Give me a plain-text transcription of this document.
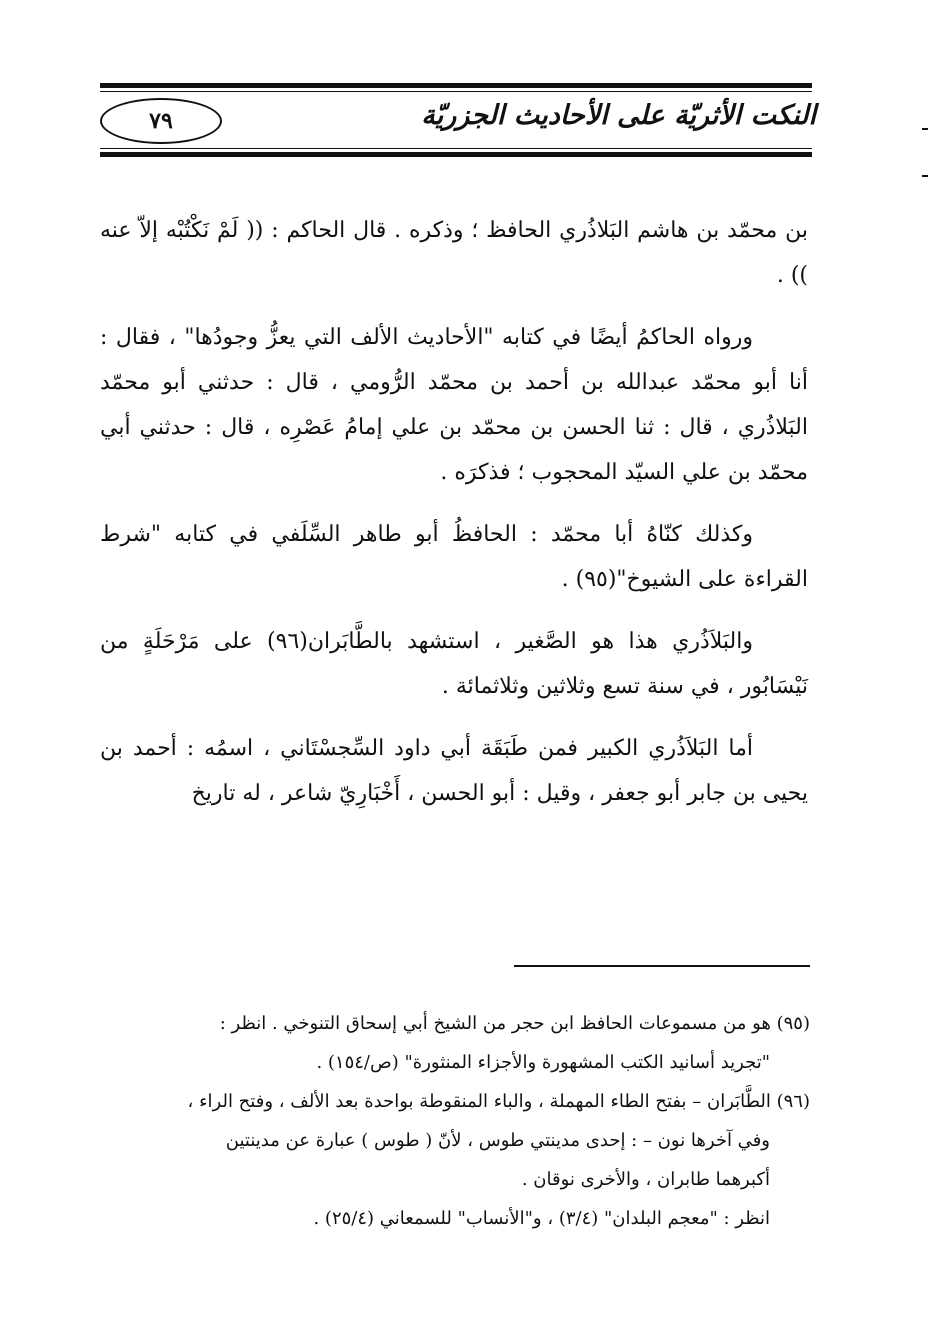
النكت الأثريّة على الأحاديث الجزريّة
٧٩

بن محمّد بن هاشم البَلاذُري الحافظ ؛ وذكره . قال الحاكم : (( لَمْ نَكْتُبْه إلاّ عنه )) .

ورواه الحاكمُ أيضًا في كتابه "الأحاديث الألف التي يعزُّ وجودُها" ، فقال : أنا أبو محمّد عبدالله بن أحمد بن محمّد الرُّومي ، قال : حدثني أبو محمّد البَلاذُري ، قال : ثنا الحسن بن محمّد بن علي إمامُ عَصْرِه ، قال : حدثني أبي محمّد بن علي السيّد المحجوب ؛ فذكرَه .

وكذلك كنّاهُ أبا محمّد : الحافظُ أبو طاهر السِّلَفي في كتابه "شرط القراءة على الشيوخ"(٩٥) .

والبَلاَذُري هذا هو الصَّغير ، استشهد بالطَّابَران(٩٦) على مَرْحَلَةٍ من نَيْسَابُور ، في سنة تسع وثلاثين وثلاثمائة .

أما البَلاَذُري الكبير فمن طَبَقَة أبي داود السِّجسْتَاني ، اسمُه : أحمد بن يحيى بن جابر أبو جعفر ، وقيل : أبو الحسن ، أَخْبَارِيّ شاعر ، له تاريخ

(٩٥) هو من مسموعات الحافظ ابن حجر من الشيخ أبي إسحاق التنوخي . انظر :
"تجريد أسانيد الكتب المشهورة والأجزاء المنثورة" (ص/١٥٤) .
(٩٦) الطَّابَران – بفتح الطاء المهملة ، والباء المنقوطة بواحدة بعد الألف ، وفتح الراء ،
وفي آخرها نون – : إحدى مدينتي طوس ، لأنّ ( طوس ) عبارة عن مدينتين
أكبرهما طابران ، والأخرى نوقان .
انظر : "معجم البلدان" (٣/٤) ، و"الأنساب" للسمعاني (٢٥/٤) .
